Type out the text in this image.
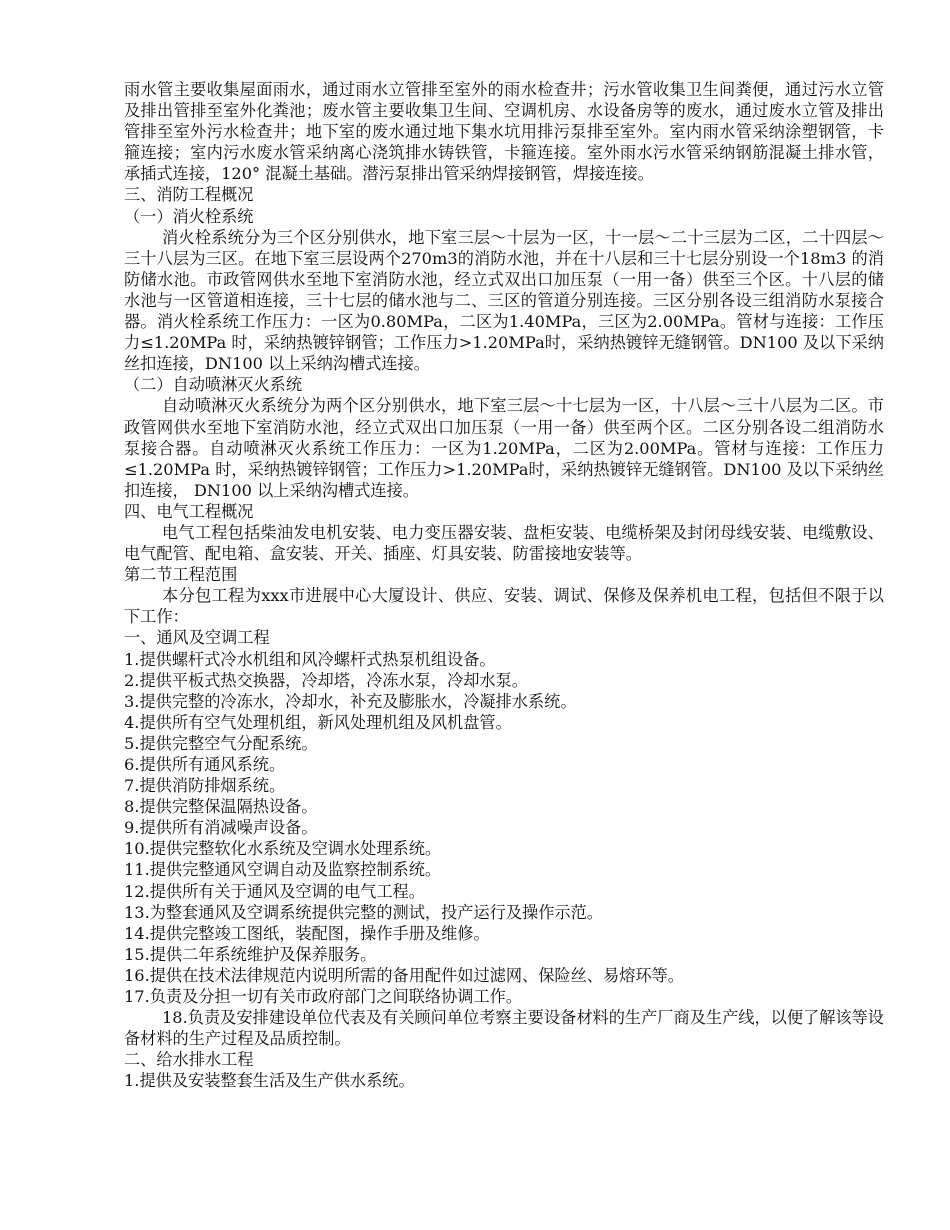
雨水管主要收集屋面雨水，通过雨水立管排至室外的雨水检查井；污水管收集卫生间粪便，通过污水立管及排出管排至室外化粪池；废水管主要收集卫生间、空调机房、水设备房等的废水，通过废水立管及排出管排至室外污水检查井；地下室的废水通过地下集水坑用排污泵排至室外。室内雨水管采纳涂塑钢管，卡箍连接；室内污水废水管采纳离心浇筑排水铸铁管，卡箍连接。室外雨水污水管采纳钢筋混凝土排水管，承插式连接，120° 混凝土基础。潜污泵排出管采纳焊接钢管，焊接连接。

三、消防工程概况

（一）消火栓系统

消火栓系统分为三个区分别供水，地下室三层～十层为一区，十一层～二十三层为二区，二十四层～三十八层为三区。在地下室三层设两个270m3的消防水池，并在十八层和三十七层分别设一个18m3 的消防储水池。市政管网供水至地下室消防水池，经立式双出口加压泵（一用一备）供至三个区。十八层的储水池与一区管道相连接，三十七层的储水池与二、三区的管道分别连接。三区分别各设三组消防水泵接合器。消火栓系统工作压力：一区为0.80MPa，二区为1.40MPa，三区为2.00MPa。管材与连接：工作压力≤1.20MPa 时，采纳热镀锌钢管；工作压力>1.20MPa时，采纳热镀锌无缝钢管。DN100 及以下采纳丝扣连接，DN100 以上采纳沟槽式连接。

（二）自动喷淋灭火系统

自动喷淋灭火系统分为两个区分别供水，地下室三层～十七层为一区，十八层～三十八层为二区。市政管网供水至地下室消防水池，经立式双出口加压泵（一用一备）供至两个区。二区分别各设二组消防水泵接合器。自动喷淋灭火系统工作压力：一区为1.20MPa，二区为2.00MPa。管材与连接：工作压力≤1.20MPa 时，采纳热镀锌钢管；工作压力>1.20MPa时，采纳热镀锌无缝钢管。DN100 及以下采纳丝扣连接， DN100 以上采纳沟槽式连接。

四、电气工程概况

电气工程包括柴油发电机安装、电力变压器安装、盘柜安装、电缆桥架及封闭母线安装、电缆敷设、电气配管、配电箱、盒安装、开关、插座、灯具安装、防雷接地安装等。

第二节工程范围

本分包工程为xxx市进展中心大厦设计、供应、安装、调试、保修及保养机电工程，包括但不限于以下工作：

一、通风及空调工程

1.提供螺杆式冷水机组和风冷螺杆式热泵机组设备。

2.提供平板式热交换器，冷却塔，冷冻水泵，冷却水泵。

3.提供完整的冷冻水，冷却水，补充及膨胀水，冷凝排水系统。

4.提供所有空气处理机组，新风处理机组及风机盘管。

5.提供完整空气分配系统。

6.提供所有通风系统。

7.提供消防排烟系统。

8.提供完整保温隔热设备。

9.提供所有消减噪声设备。

10.提供完整软化水系统及空调水处理系统。

11.提供完整通风空调自动及监察控制系统。

12.提供所有关于通风及空调的电气工程。

13.为整套通风及空调系统提供完整的测试，投产运行及操作示范。

14.提供完整竣工图纸，装配图，操作手册及维修。

15.提供二年系统维护及保养服务。

16.提供在技术法律规范内说明所需的备用配件如过滤网、保险丝、易熔环等。

17.负责及分担一切有关市政府部门之间联络协调工作。

18.负责及安排建设单位代表及有关顾问单位考察主要设备材料的生产厂商及生产线，以便了解该等设备材料的生产过程及品质控制。

二、给水排水工程

1.提供及安装整套生活及生产供水系统。
